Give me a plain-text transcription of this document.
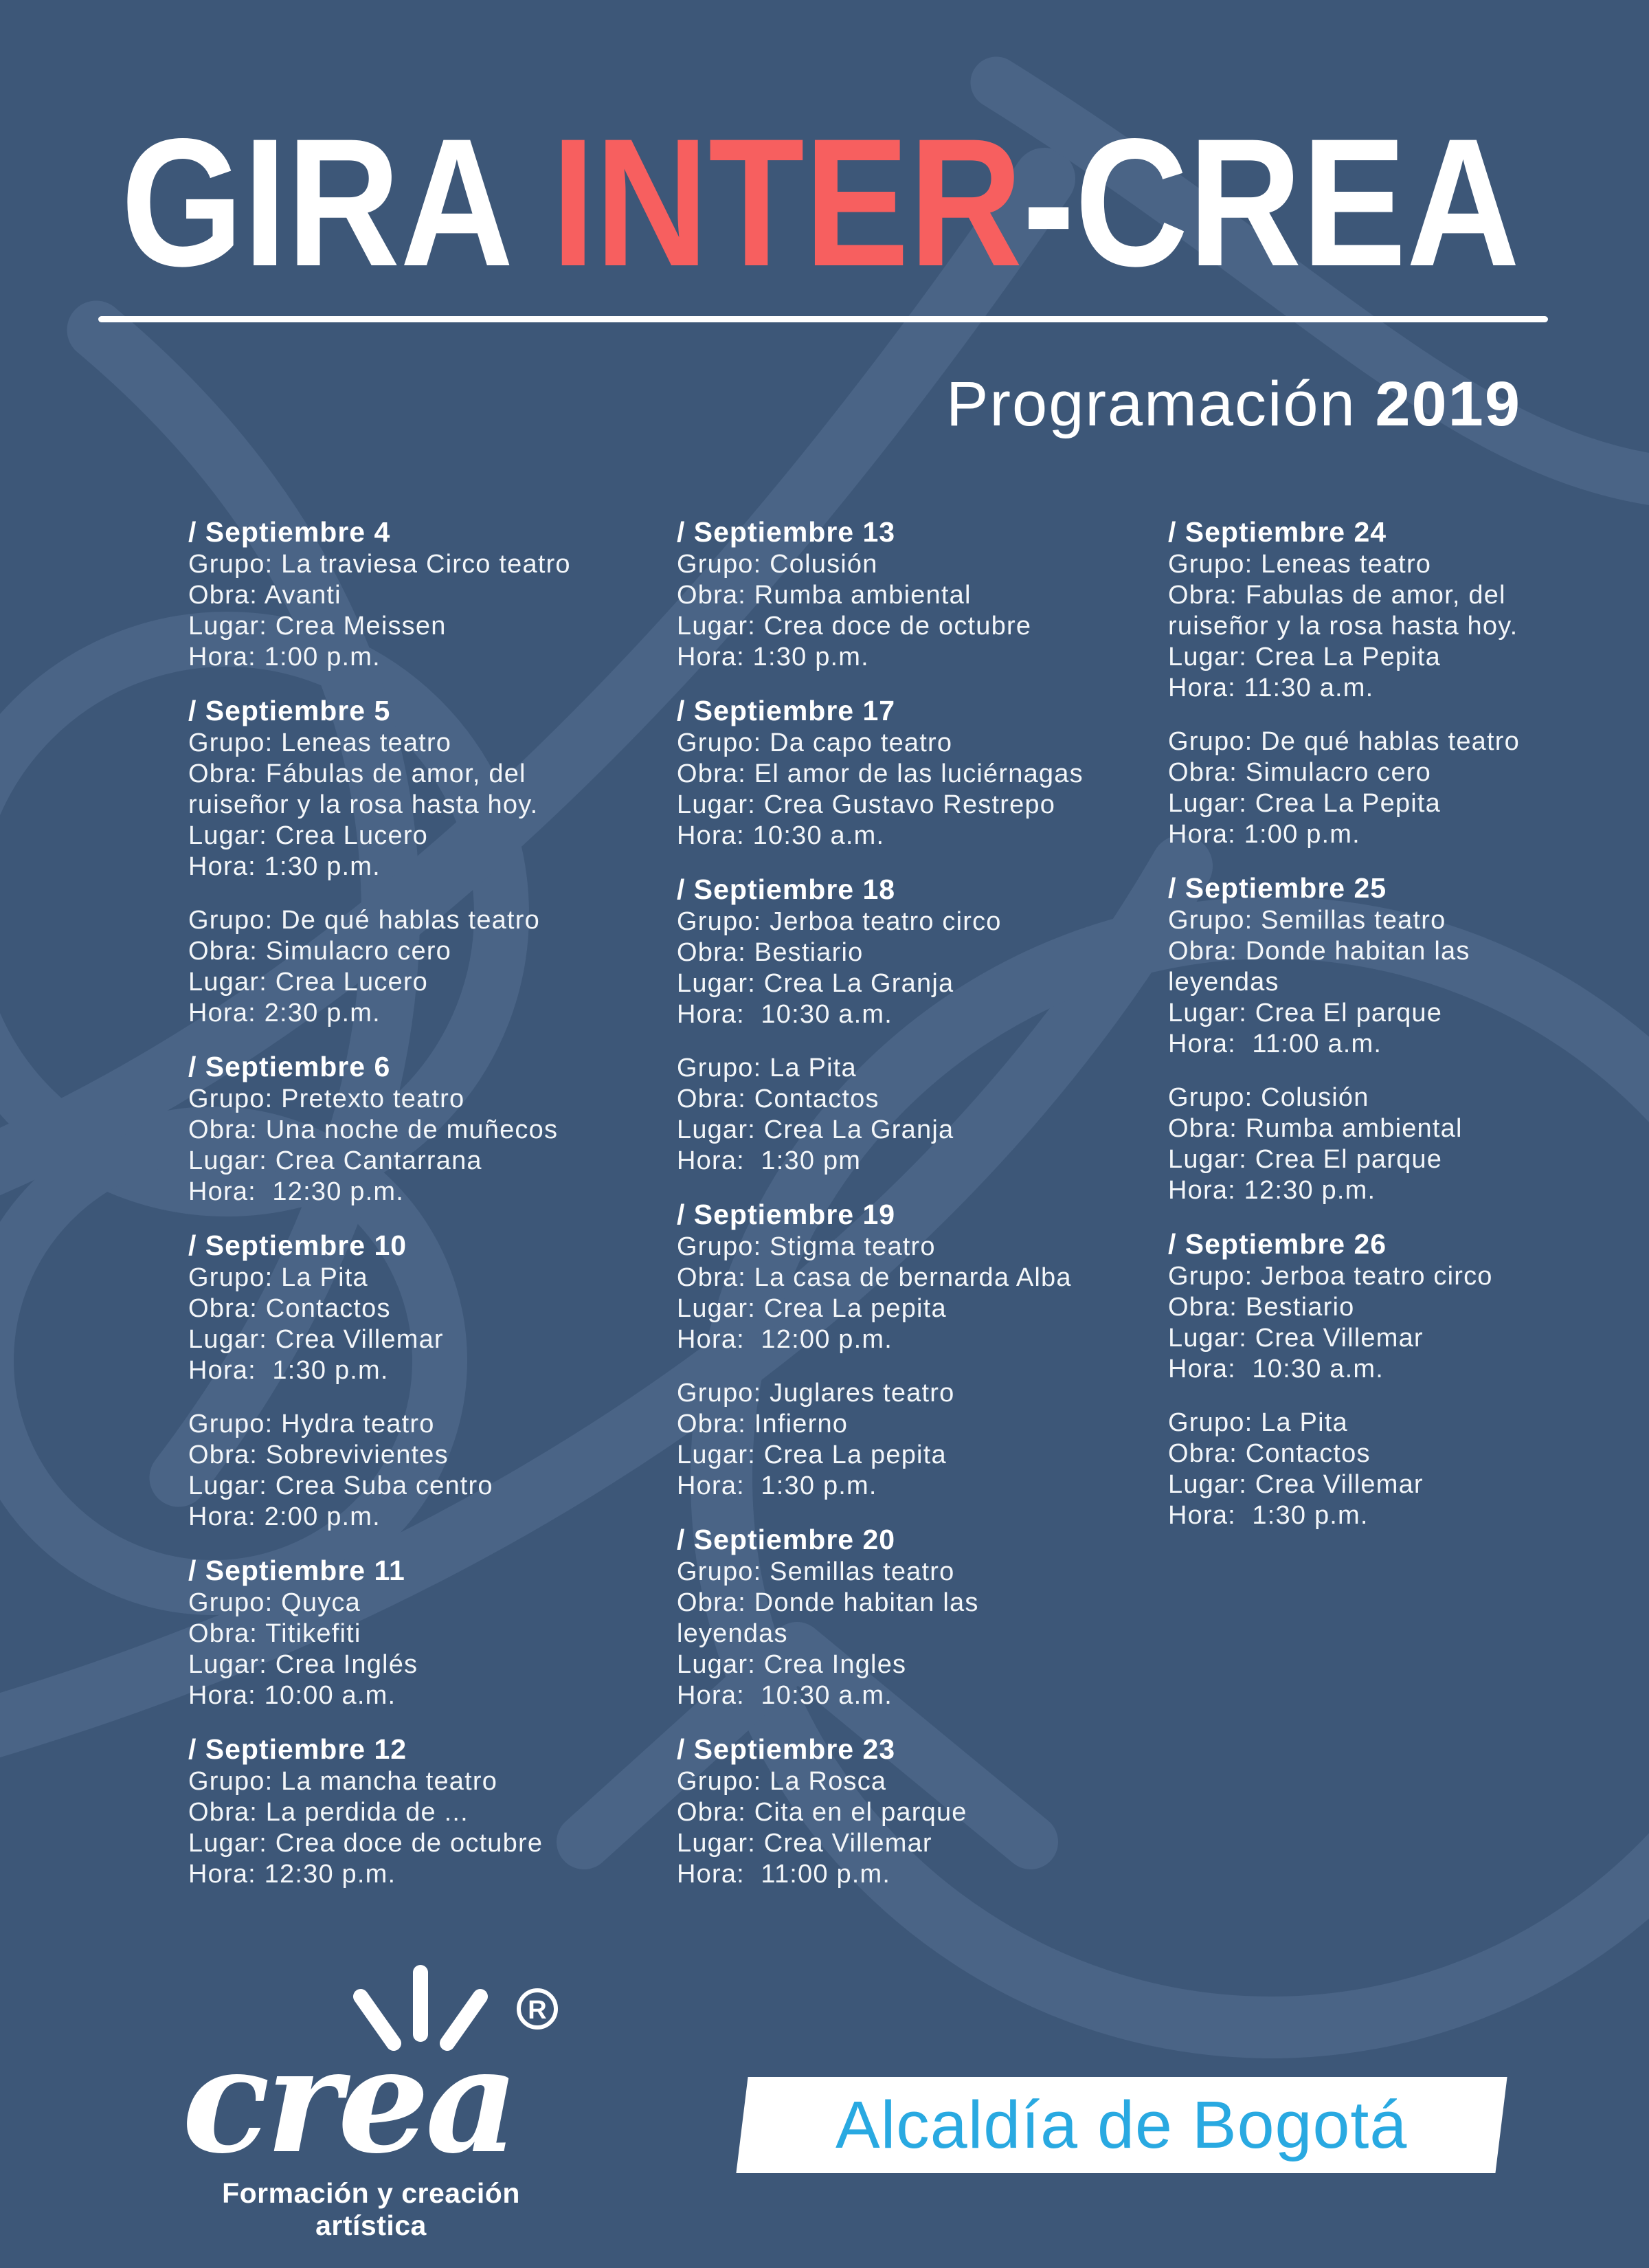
GIRA INTER-CREA
Programación 2019
/ Septiembre 4
Grupo: La traviesa Circo teatro
Obra: Avanti
Lugar: Crea Meissen
Hora: 1:00 p.m.
/ Septiembre 5
Grupo: Leneas teatro
Obra: Fábulas de amor, del
ruiseñor y la rosa hasta hoy.
Lugar: Crea Lucero
Hora: 1:30 p.m.
Grupo: De qué hablas teatro
Obra: Simulacro cero
Lugar: Crea Lucero
Hora: 2:30 p.m.
/ Septiembre 6
Grupo: Pretexto teatro
Obra: Una noche de muñecos
Lugar: Crea Cantarrana
Hora:  12:30 p.m.
/ Septiembre 10
Grupo: La Pita
Obra: Contactos
Lugar: Crea Villemar
Hora:  1:30 p.m.
Grupo: Hydra teatro
Obra: Sobrevivientes
Lugar: Crea Suba centro
Hora: 2:00 p.m.
/ Septiembre 11
Grupo: Quyca
Obra: Titikefiti
Lugar: Crea Inglés
Hora: 10:00 a.m.
/ Septiembre 12
Grupo: La mancha teatro
Obra: La perdida de ...
Lugar: Crea doce de octubre
Hora: 12:30 p.m.
/ Septiembre 13
Grupo: Colusión
Obra: Rumba ambiental
Lugar: Crea doce de octubre
Hora: 1:30 p.m.
/ Septiembre 17
Grupo: Da capo teatro
Obra: El amor de las luciérnagas
Lugar: Crea Gustavo Restrepo
Hora: 10:30 a.m.
/ Septiembre 18
Grupo: Jerboa teatro circo
Obra: Bestiario
Lugar: Crea La Granja
Hora:  10:30 a.m.
Grupo: La Pita
Obra: Contactos
Lugar: Crea La Granja
Hora:  1:30 pm
/ Septiembre 19
Grupo: Stigma teatro
Obra: La casa de bernarda Alba
Lugar: Crea La pepita
Hora:  12:00 p.m.
Grupo: Juglares teatro
Obra: Infierno
Lugar: Crea La pepita
Hora:  1:30 p.m.
/ Septiembre 20
Grupo: Semillas teatro
Obra: Donde habitan las
leyendas
Lugar: Crea Ingles
Hora:  10:30 a.m.
/ Septiembre 23
Grupo: La Rosca
Obra: Cita en el parque
Lugar: Crea Villemar
Hora:  11:00 p.m.
/ Septiembre 24
Grupo: Leneas teatro
Obra: Fabulas de amor, del
ruiseñor y la rosa hasta hoy.
Lugar: Crea La Pepita
Hora: 11:30 a.m.
Grupo: De qué hablas teatro
Obra: Simulacro cero
Lugar: Crea La Pepita
Hora: 1:00 p.m.
/ Septiembre 25
Grupo: Semillas teatro
Obra: Donde habitan las
leyendas
Lugar: Crea El parque
Hora:  11:00 a.m.
Grupo: Colusión
Obra: Rumba ambiental
Lugar: Crea El parque
Hora: 12:30 p.m.
/ Septiembre 26
Grupo: Jerboa teatro circo
Obra: Bestiario
Lugar: Crea Villemar
Hora:  10:30 a.m.
Grupo: La Pita
Obra: Contactos
Lugar: Crea Villemar
Hora:  1:30 p.m.
crea
R
Formación y creación artística
Alcaldía de Bogotá
